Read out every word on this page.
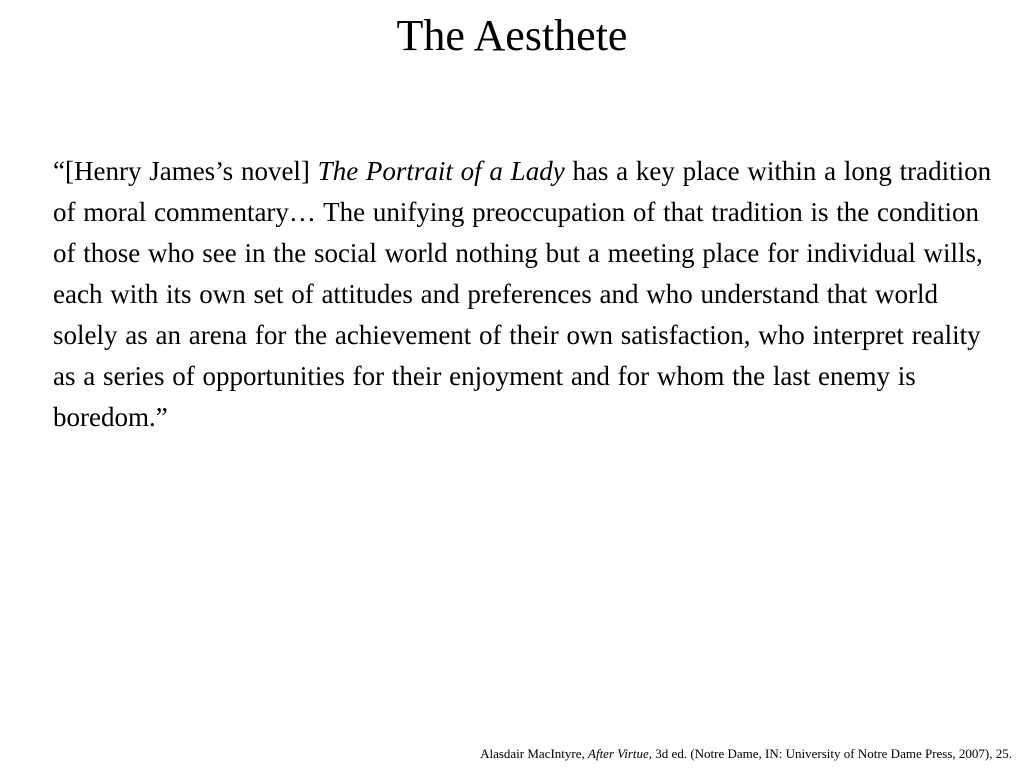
The Aesthete

“[Henry James’s novel] The Portrait of a Lady has a key place within a long tradition of moral commentary… The unifying preoccupation of that tradition is the condition of those who see in the social world nothing but a meeting place for individual wills, each with its own set of attitudes and preferences and who understand that world solely as an arena for the achievement of their own satisfaction, who interpret reality as a series of opportunities for their enjoyment and for whom the last enemy is boredom.”

Alasdair MacIntyre, After Virtue, 3d ed. (Notre Dame, IN: University of Notre Dame Press, 2007), 25.
